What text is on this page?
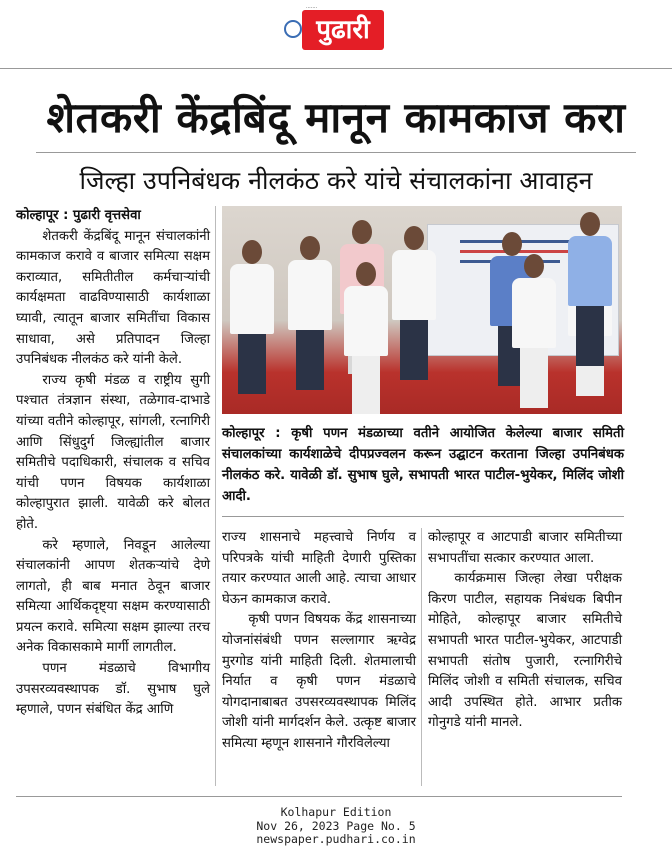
.......
पुढारी
शेतकरी केंद्रबिंदू मानून कामकाज करा
जिल्हा उपनिबंधक नीलकंठ करे यांचे संचालकांना आवाहन

कोल्हापूर : पुढारी वृत्तसेवा

शेतकरी केंद्रबिंदू मानून संचालकांनी कामकाज करावे व बाजार समित्या सक्षम कराव्यात, समितीतील कर्मचाऱ्यांची कार्यक्षमता वाढविण्यासाठी कार्यशाळा घ्यावी, त्यातून बाजार समितींचा विकास साधावा, असे प्रतिपादन जिल्हा उपनिबंधक नीलकंठ करे यांनी केले.

राज्य कृषी मंडळ व राष्ट्रीय सुगी पश्चात तंत्रज्ञान संस्था, तळेगाव-दाभाडे यांच्या वतीने कोल्हापूर, सांगली, रत्नागिरी आणि सिंधुदुर्ग जिल्ह्यांतील बाजार समितीचे पदाधिकारी, संचालक व सचिव यांची पणन विषयक कार्यशाळा कोल्हापुरात झाली. यावेळी करे बोलत होते.

करे म्हणाले, निवडून आलेल्या संचालकांनी आपण शेतकऱ्यांचे देणे लागतो, ही बाब मनात ठेवून बाजार समित्या आर्थिकदृष्ट्या सक्षम करण्यासाठी प्रयत्न करावे. समित्या सक्षम झाल्या तरच अनेक विकासकामे मार्गी लागतील.

पणन मंडळाचे विभागीय उपसरव्यवस्थापक डॉ. सुभाष घुले म्हणाले, पणन संबंधित केंद्र आणि

कोल्हापूर : कृषी पणन मंडळाच्या वतीने आयोजित केलेल्या बाजार समिती संचालकांच्या कार्यशाळेचे दीपप्रज्वलन करून उद्घाटन करताना जिल्हा उपनिबंधक नीलकंठ करे. यावेळी डॉ. सुभाष घुले, सभापती भारत पाटील-भुयेकर, मिलिंद जोशी आदी.

राज्य शासनाचे महत्त्वाचे निर्णय व परिपत्रके यांची माहिती देणारी पुस्तिका तयार करण्यात आली आहे. त्याचा आधार घेऊन कामकाज करावे.

कृषी पणन विषयक केंद्र शासनाच्या योजनांसंबंधी पणन सल्लागार ऋग्वेद्र मुरगोड यांनी माहिती दिली. शेतमालाची निर्यात व कृषी पणन मंडळाचे योगदानाबाबत उपसरव्यवस्थापक मिलिंद जोशी यांनी मार्गदर्शन केले. उत्कृष्ट बाजार समित्या म्हणून शासनाने गौरविलेल्या

कोल्हापूर व आटपाडी बाजार समितीच्या सभापतींचा सत्कार करण्यात आला.

कार्यक्रमास जिल्हा लेखा परीक्षक किरण पाटील, सहायक निबंधक बिपीन मोहिते, कोल्हापूर बाजार समितीचे सभापती भारत पाटील-भुयेकर, आटपाडी सभापती संतोष पुजारी, रत्नागिरीचे मिलिंद जोशी व समिती संचालक, सचिव आदी उपस्थित होते. आभार प्रतीक गोनुगडे यांनी मानले.

Kolhapur Edition
Nov 26, 2023 Page No. 5
newspaper.pudhari.co.in
